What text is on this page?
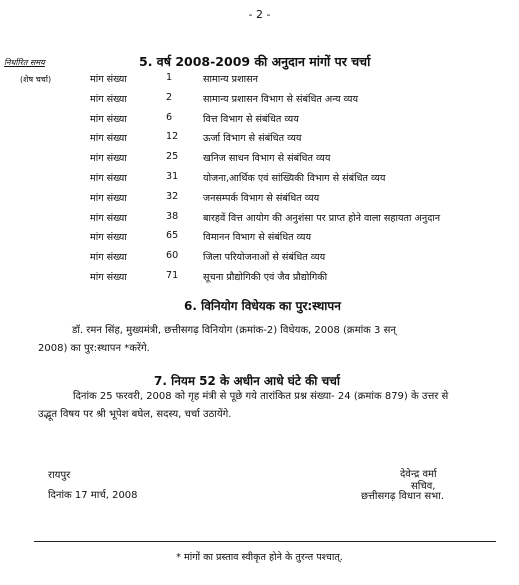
- 2 -
निर्धारित समय
(शेष चर्चा)
5. वर्ष 2008-2009 की अनुदान मांगों पर चर्चा
मांग संख्या	1	सामान्य प्रशासन
मांग संख्या	2	सामान्य प्रशासन विभाग से संबंधित अन्य व्यय
मांग संख्या	6	वित्त विभाग से संबंधित व्यय
मांग संख्या	12	ऊर्जा विभाग से संबंधित व्यय
मांग संख्या	25	खनिज साधन विभाग से संबंधित व्यय
मांग संख्या	31	योजना,आर्थिक एवं सांख्यिकी विभाग से संबंधित व्यय
मांग संख्या	32	जनसम्पर्क विभाग से संबंधित व्यय
मांग संख्या	38	बारहवें वित्त आयोग की अनुशंसा पर प्राप्त होने वाला सहायता अनुदान
मांग संख्या	65	विमानन विभाग से संबंधित व्यय
मांग संख्या	60	जिला परियोजनाओं से संबंधित व्यय
मांग संख्या	71	सूचना प्रौद्योगिकी एवं जैव प्रौद्योगिकी
6. विनियोग विधेयक का पुर:स्थापन
डॉ. रमन सिंह, मुख्यमंत्री, छत्तीसगढ़ विनियोग (क्रमांक-2) विधेयक, 2008 (क्रमांक 3 सन्
2008) का पुर:स्थापन *करेंगे.
7. नियम 52 के अधीन आधे घंटे की चर्चा
दिनांक 25 फरवरी, 2008 को गृह मंत्री से पूछे गये तारांकित प्रश्न संख्या- 24 (क्रमांक 879) के उत्तर से
उद्भूत विषय पर श्री भूपेश बघेल, सदस्य, चर्चा उठायेंगे.
देवेन्द्र वर्मा
रायपुर
सचिव,
दिनांक 17 मार्च, 2008	छत्तीसगढ़ विधान सभा.
* मांगों का प्रस्ताव स्वीकृत होने के तुरन्त पश्चात्.
